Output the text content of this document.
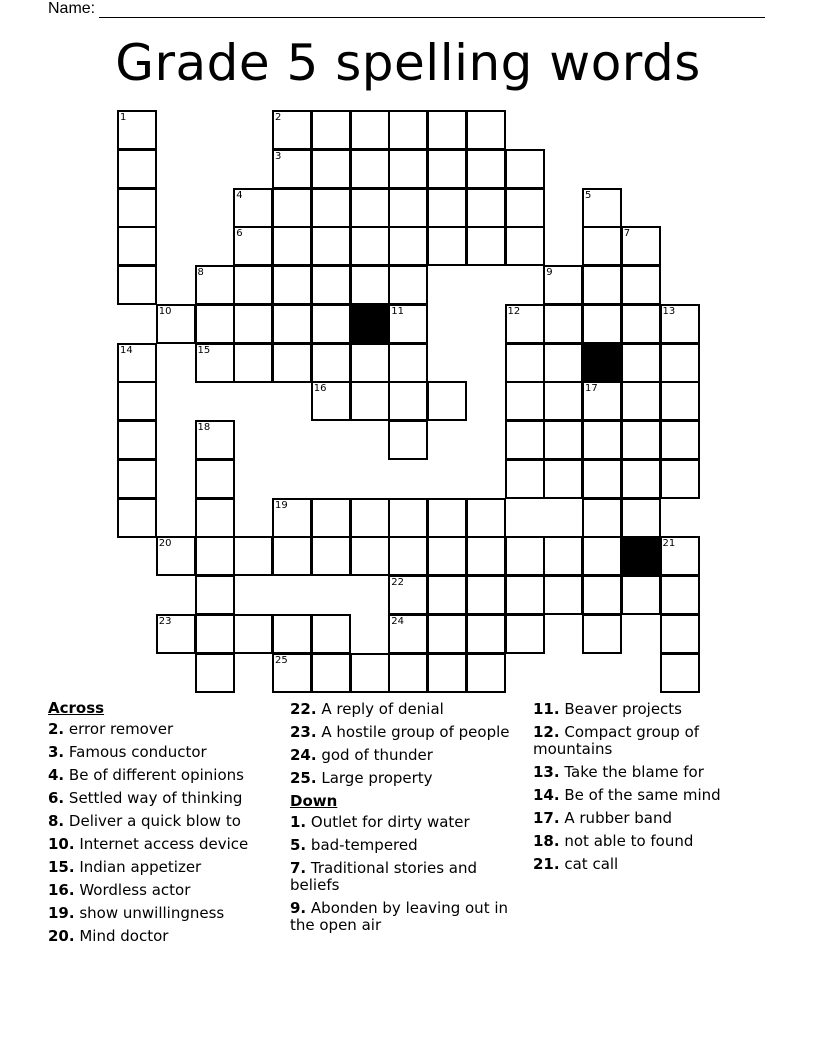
Name:
Grade 5 spelling words
1	2
3
4	5
6	7
8	9
10	11	12	13
14	15
16	17
18
19
20	21
22
23	24
25
Across
2. error remover
3. Famous conductor
4. Be of different opinions
6. Settled way of thinking
8. Deliver a quick blow to
10. Internet access device
15. Indian appetizer
16. Wordless actor
19. show unwillingness
20. Mind doctor
22. A reply of denial
23. A hostile group of people
24. god of thunder
25. Large property
Down
1. Outlet for dirty water
5. bad-tempered
7. Traditional stories and beliefs
9. Abonden by leaving out in the open air
11. Beaver projects
12. Compact group of mountains
13. Take the blame for
14. Be of the same mind
17. A rubber band
18. not able to found
21. cat call
